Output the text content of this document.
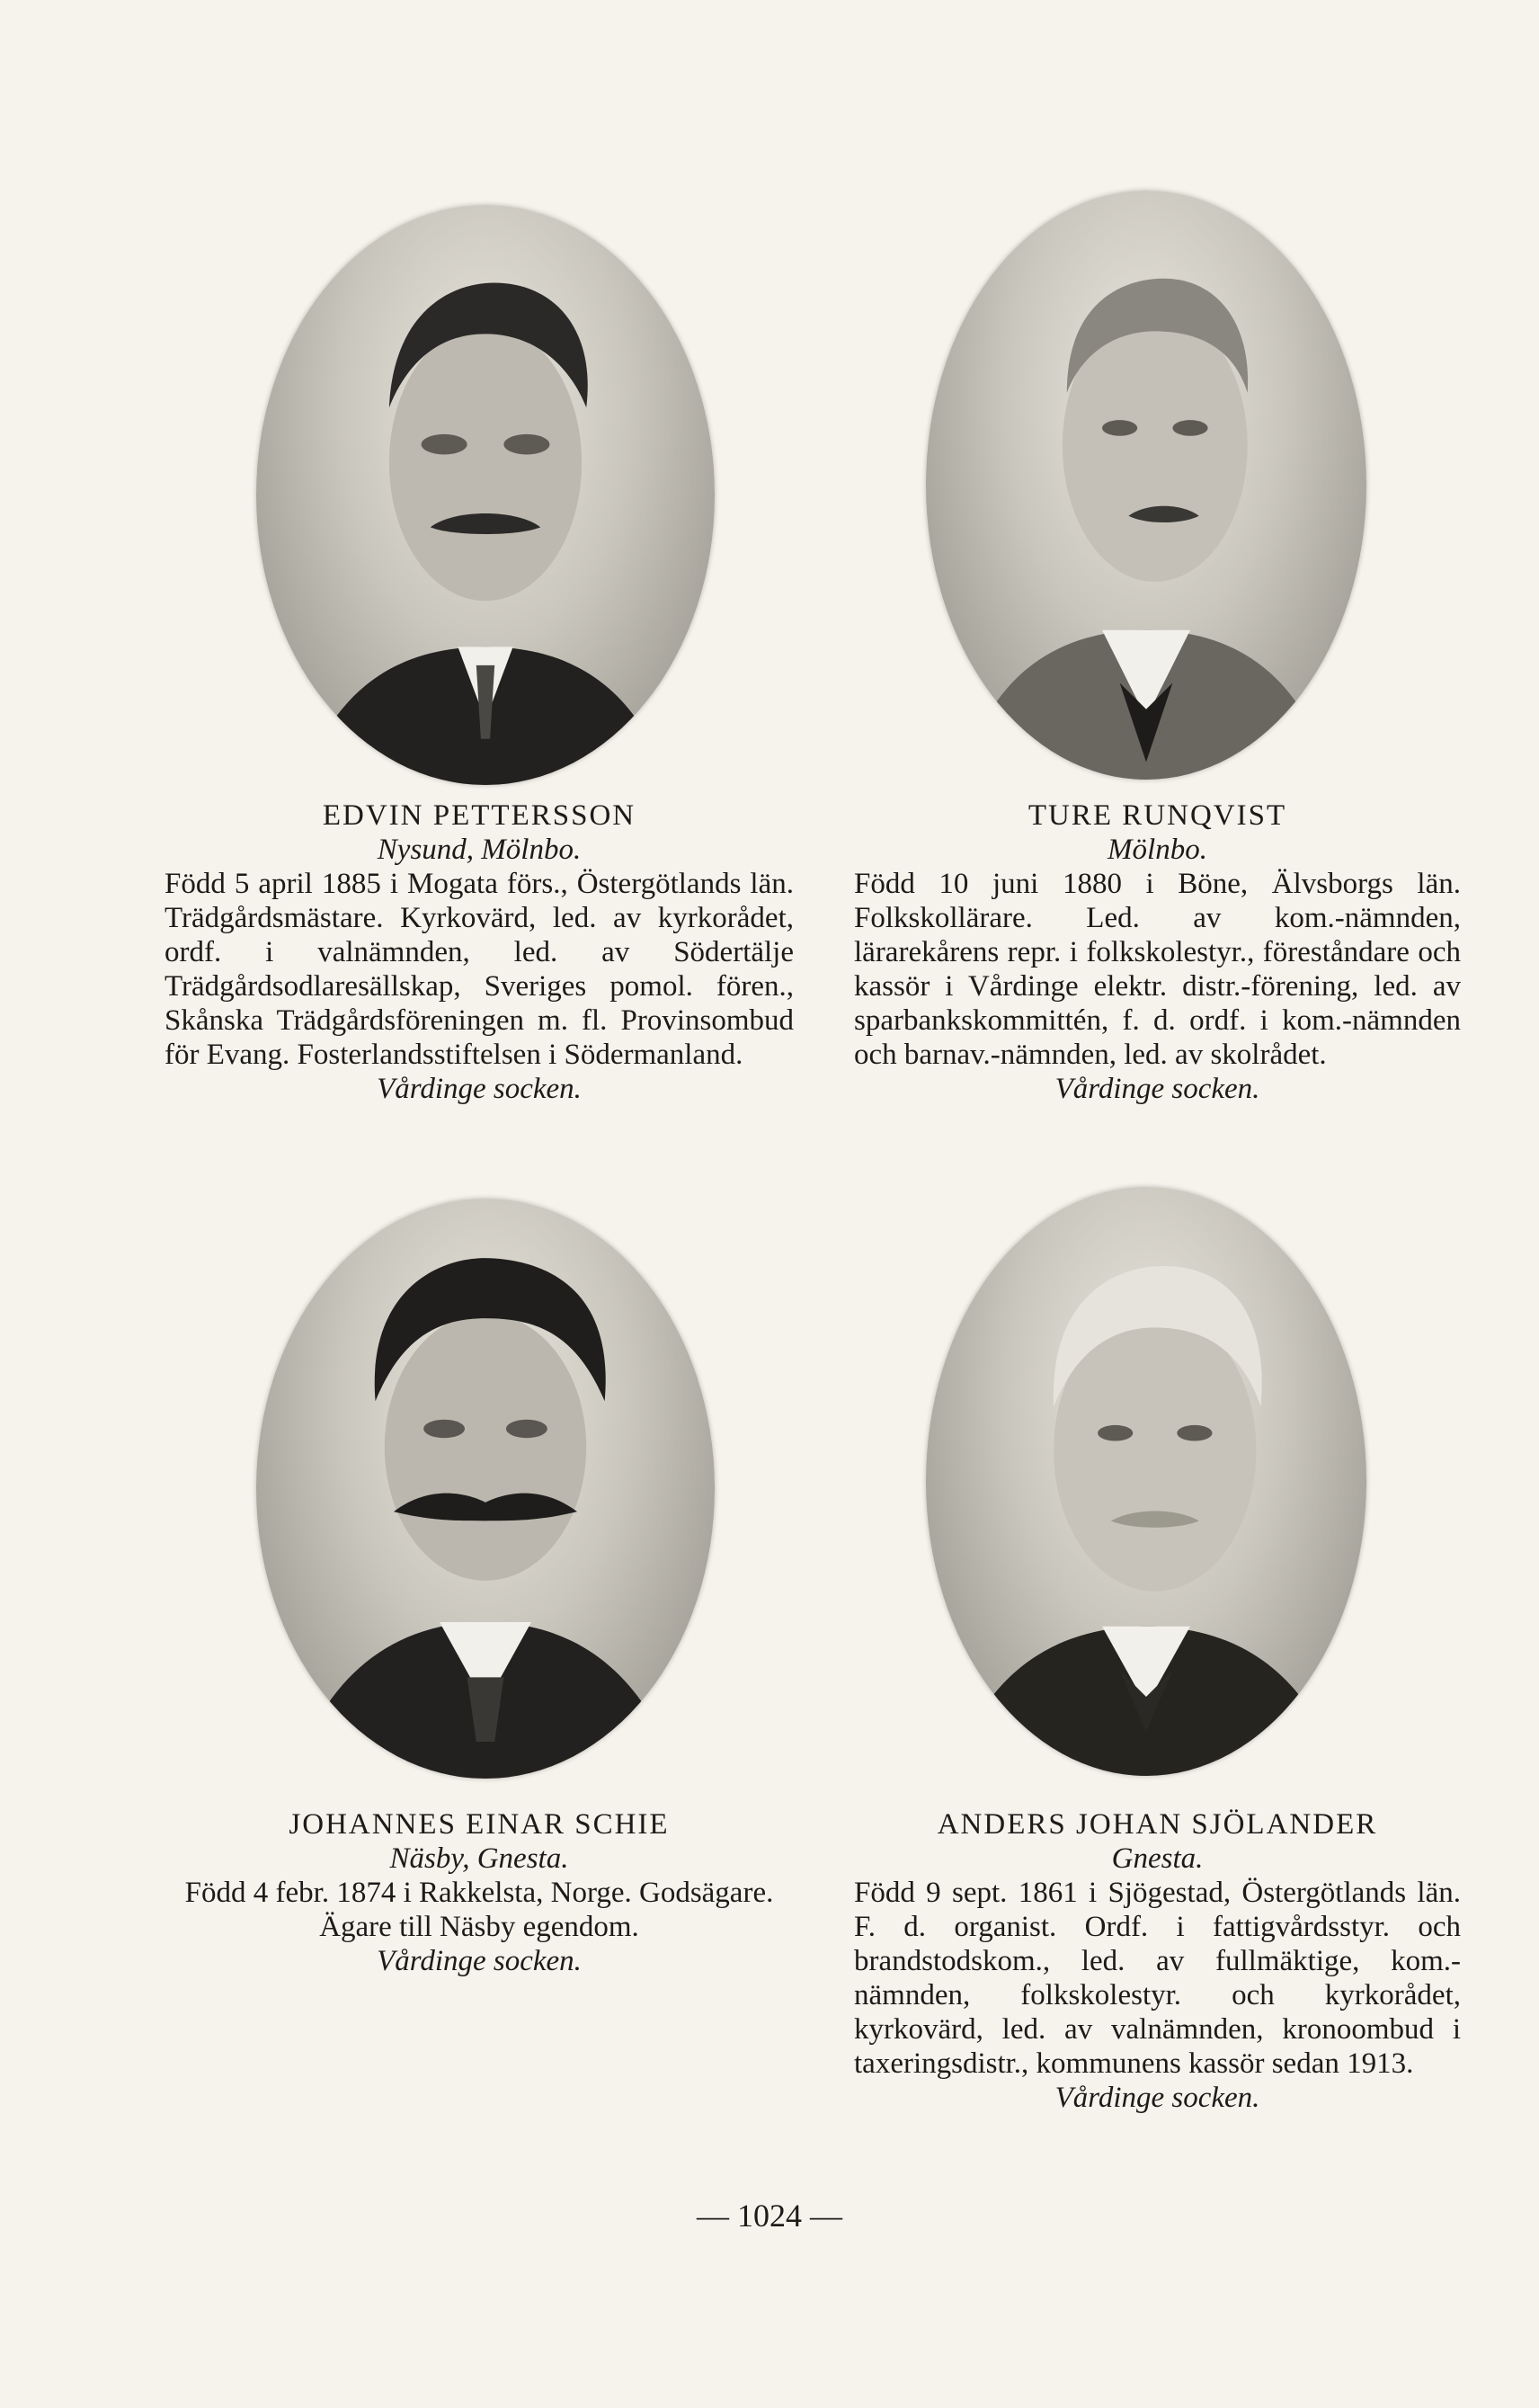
EDVIN PETTERSSON
Nysund, Mölnbo.
Född 5 april 1885 i Mogata förs., Östergötlands län. Trädgårdsmästare. Kyrkovärd, led. av kyrkorådet, ordf. i valnämnden, led. av Södertälje Trädgårdsodlaresällskap, Sveriges pomol. fören., Skånska Trädgårdsföreningen m. fl. Provinsombud för Evang. Fosterlandsstiftelsen i Södermanland.
Vårdinge socken.
TURE RUNQVIST
Mölnbo.
Född 10 juni 1880 i Böne, Älvsborgs län. Folkskollärare. Led. av kom.-nämnden, lärarekårens repr. i folkskolestyr., föreståndare och kassör i Vårdinge elektr. distr.-förening, led. av sparbankskommittén, f. d. ordf. i kom.-nämnden och barnav.-nämnden, led. av skolrådet.
Vårdinge socken.
JOHANNES EINAR SCHIE
Näsby, Gnesta.
Född 4 febr. 1874 i Rakkelsta, Norge. Godsägare. Ägare till Näsby egendom.
Vårdinge socken.
ANDERS JOHAN SJÖLANDER
Gnesta.
Född 9 sept. 1861 i Sjögestad, Östergötlands län. F. d. organist. Ordf. i fattigvårdsstyr. och brandstodskom., led. av fullmäktige, kom.-nämnden, folkskolestyr. och kyrkorådet, kyrkovärd, led. av valnämnden, kronoombud i taxeringsdistr., kommunens kassör sedan 1913.
Vårdinge socken.
— 1024 —
